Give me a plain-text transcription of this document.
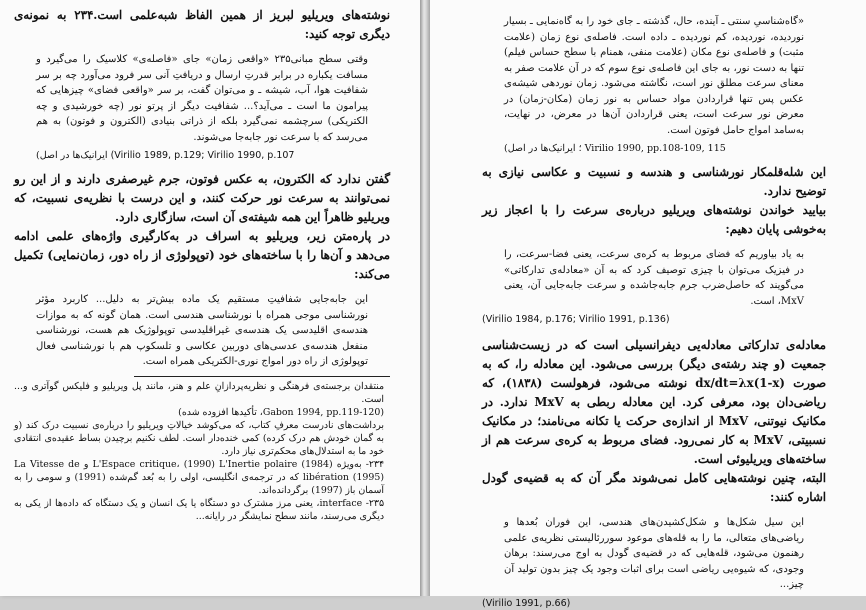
نوشته‌های ویریلیو لبریز از همین الفاظ شبه‌علمی است.۲۳۴ به نمونه‌ی دیگری توجه کنید:

وقتی سطح مبانی۲۳۵ «واقعی زمان» جای «فاصله‌ی» کلاسیک را می‌گیرد و مسافت یکباره در برابر قدرتِ ارسال و دریافتِ آنی سر فرود می‌آورد چه بر سر شفافیت هوا، آب، شیشه ـ و می‌توان گفت، بر سر «واقعی فضای» چیزهایی که پیرامون ما است ـ می‌آید؟... شفافیت دیگر از پرتو نور (چه خورشیدی و چه الکتریکی) سرچشمه نمی‌گیرد بلکه از ذراتی بنیادی (الکترون و فوتون) به هم می‌رسد که با سرعت نور جابه‌جا می‌شوند.

(Virilio 1989, p.129; Virilio 1990, p.107 ایرانیک‌ها در اصل)

گفتن ندارد که الکترون، به عکس فوتون، جرم غیرصفری دارند و از این رو نمی‌توانند به سرعت نور حرکت کنند، و این درست با نظریه‌ی نسبیت، که ویریلیو ظاهراً این همه شیفته‌ی آن است، سازگاری دارد.

در پاره‌متن زیر، ویریلیو به اسراف در به‌کارگیری واژه‌های علمی ادامه می‌دهد و آن‌ها را با ساخته‌های خود (توپولوژی از راه دور، زمان‌نمایی) تکمیل می‌کند:

این جابه‌جایی شفافیتِ مستقیم یک ماده بیش‌تر به دلیل... کاربرد مؤثر نورشناسی موجی همراه با نورشناسی هندسی است. همان گونه که به موازات هندسه‌ی اقلیدسی یک هندسه‌ی غیراقلیدسی توپولوژیک هم هست، نورشناسی منفعل هندسه‌ی عدسی‌های دوربین عکاسی و تلسکوپ هم با نورشناسی فعال توپولوژی از راه دور امواج نوری-الکتریکی همراه است.

منتقدان برجسته‌ی فرهنگی و نظریه‌پردازانِ علم و هنر، مانند پل ویریلیو و فلیکس گوآتری و... است.

(Gabon 1994, pp.119-120، تأکیدها افزوده شده)

برداشت‌های نادرست معرفِ کتاب، که می‌کوشد خیالاتِ ویریلیو را درباره‌ی نسبیت درک کند (و به گمان خودش هم درک کرده) کمی خنده‌دار است. لطف نکنیم برچیدن بساط عقیده‌ی انتقادی خود ما به استدلال‌های محکم‌تری نیاز دارد.

۲۳۴- به‌ویژه (1984) L'Espace critique، (1990) L'Inertie polaire و La Vitesse de libération (1995) که در ترجمه‌ی انگلیسی، اولی را به بُعد گم‌شده (1991) و سومی را به آسمان باز (1997) برگردانده‌اند.

۲۳۵- interface، یعنی مرز مشترک دو دستگاه یا یک انسان و یک دستگاه که داده‌ها از یکی به دیگری می‌رسند، مانند سطح نمایشگر در رایانه...

«گاه‌شناسیِ سنتی ـ آینده، حال، گذشته ـ جای خود را به گاه‌نمایی ـ بسیار نوردیده، نوردیده، کم نوردیده ـ داده است. فاصله‌ی نوع زمان (علامت مثبت) و فاصله‌ی نوع مکان (علامت منفی، همنام با سطح حساس فیلم) تنها به دست نور، به جای این فاصله‌ی نوع سوم که در آن علامت صفر به معنای سرعت مطلق نور است، نگاشته می‌شود. زمان نوردهی شیشه‌ی عکس پس تنها قراردادن مواد حساس به نور زمان (مکان-زمان) در معرض نور سرعت است، یعنی قراردادن آن‌ها در معرض، در نهایت، به‌سامد امواج حامل فوتون است.

Virilio 1990, pp.108-109, 115 ؛ ایرانیک‌ها در اصل)

این شله‌قلمکار نورشناسی و هندسه و نسبیت و عکاسی نیازی به توضیح ندارد.

بیایید خواندن نوشته‌های ویریلیو درباره‌ی سرعت را با اعجاز زیر به‌خوشی پایان دهیم:

به یاد بیاوریم که فضای مربوط به کره‌ی سرعت، یعنی فضا-سرعت، را در فیزیک می‌توان با چیزی توصیف کرد که به آن «معادله‌ی تدارکاتی» می‌گویند که حاصل‌ضرب جرم جابه‌جاشده و سرعت جابه‌جایی آن، یعنی MxV، است.

(Virilio 1984, p.176; Virilio 1991, p.136)

معادله‌ی تدارکاتی معادله‌یی دیفرانسیلی است که در زیست‌شناسی جمعیت (و چند رشته‌ی دیگر) بررسی می‌شود. این معادله را، که به صورت dx/dt=λx(1-x) نوشته می‌شود، فرهولست (۱۸۳۸)، که ریاضی‌دان بود، معرفی کرد. این معادله ربطی به MxV ندارد. در مکانیک نیوتنی، MxV از اندازه‌ی حرکت یا تکانه می‌نامند؛ در مکانیک نسبیتی، MxV به کار نمی‌رود. فضای مربوط به کره‌ی سرعت هم از ساخته‌های ویریلیوئی است.

البته، چنین نوشته‌هایی کامل نمی‌شوند مگر آن که به قضیه‌ی گودل اشاره کنند:

این سیل شکل‌ها و شکل‌کشیدن‌های هندسی، این فوران بُعدها و ریاضی‌های متعالی، ما را به قله‌های موعود سوررئالیستی نظریه‌ی علمی رهنمون می‌شود، قله‌هایی که در قضیه‌ی گودل به اوج می‌رسند: برهان وجودی، که شیوه‌یی ریاضی است برای اثبات وجود یک چیز بدون تولید آن چیز...

(Virilio 1991, p.66)
